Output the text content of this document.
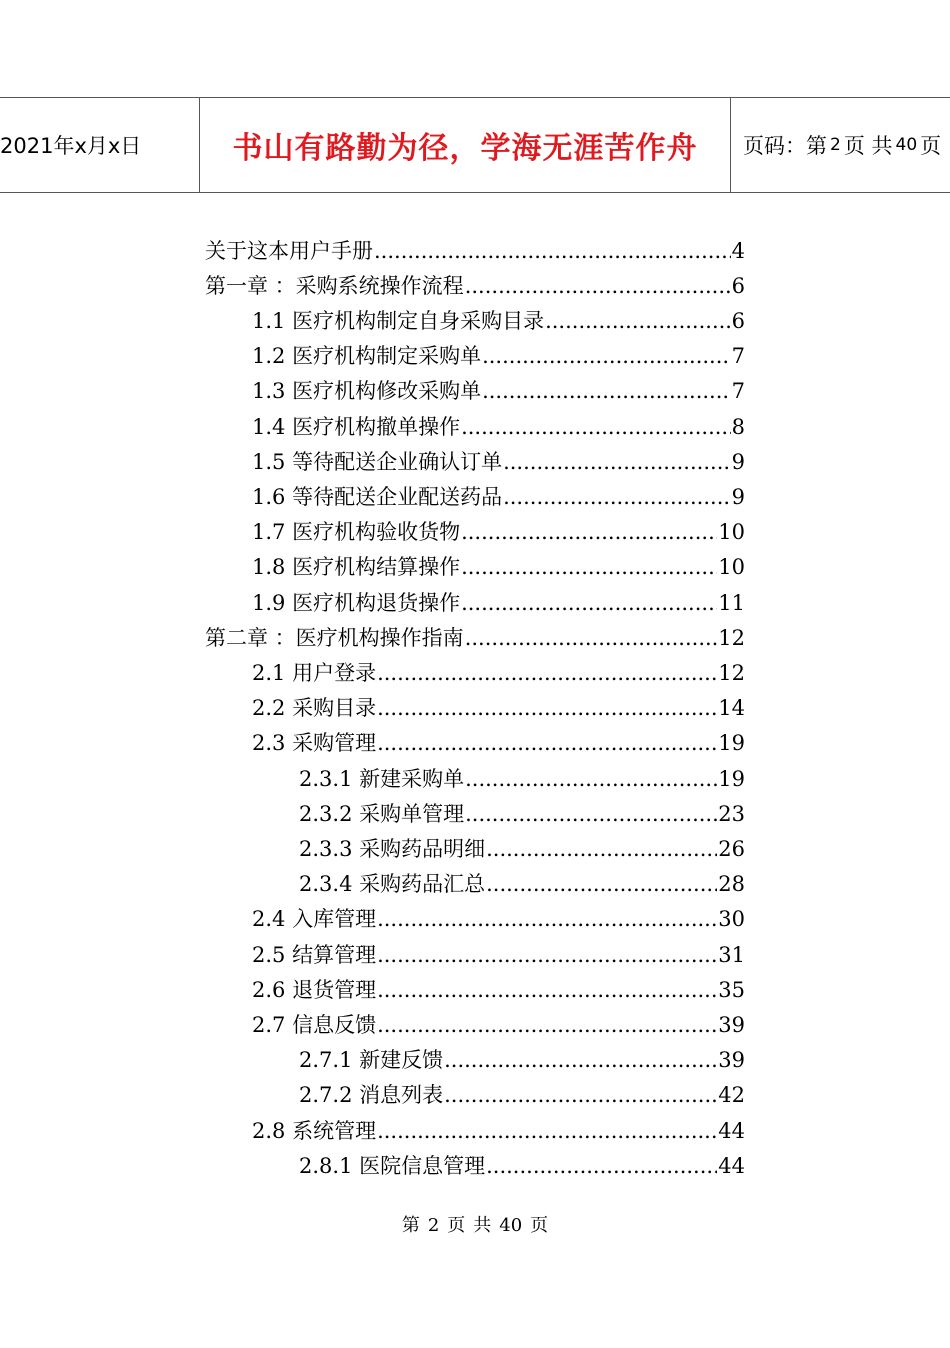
2021年x月x日	书山有路勤为径，学海无涯苦作舟 页码：第 2 页 共 40 页
关于这本用户手册 .....	4
第一章 ：采购系统操作流程 .....	6
1.1 医疗机构制定自身采购目录 .....	6
1.2 医疗机构制定采购单 .....	7
1.3 医疗机构修改采购单 .....	7
1.4 医疗机构撤单操作 .....	8
1.5 等待配送企业确认订单 .....	9
1.6 等待配送企业配送药品 .....	9
1.7 医疗机构验收货物 .....	10
1.8 医疗机构结算操作 .....	10
1.9 医疗机构退货操作 .....	11
第二章 ：医疗机构操作指南 .....	12
2.1 用户登录 .....	12
2.2 采购目录 .....	14
2.3 采购管理 .....	19
2.3.1 新建采购单 .....	19
2.3.2 采购单管理 .....	23
2.3.3 采购药品明细 .....	26
2.3.4 采购药品汇总 .....	28
2.4 入库管理 .....	30
2.5 结算管理 .....	31
2.6 退货管理 .....	35
2.7 信息反馈 .....	39
2.7.1 新建反馈 .....	39
2.7.2 消息列表 .....	42
2.8 系统管理 .....	44
2.8.1 医院信息管理 .....	44
第 2 页 共 40 页
